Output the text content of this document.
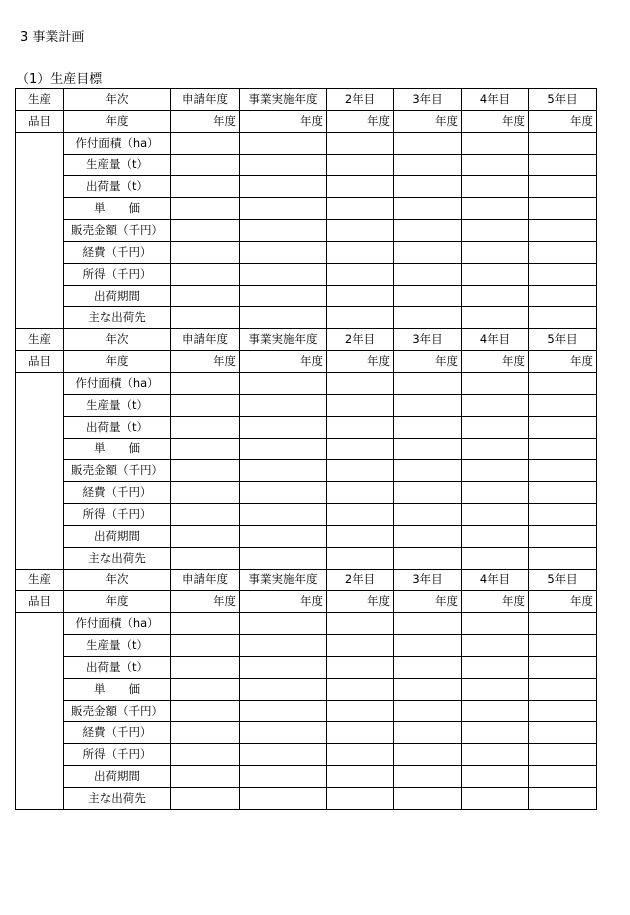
3 事業計画
（1）生産目標
生産	年次	申請年度	事業実施年度	2年目	3年目	4年目	5年目
品目	年度	年度	年度	年度	年度	年度	年度
	作付面積（ha）						
	生産量（t）						
	出荷量（t）						
	単　　価						
	販売金額（千円）						
	経費（千円）						
	所得（千円）						
	出荷期間						
	主な出荷先						
生産	年次	申請年度	事業実施年度	2年目	3年目	4年目	5年目
品目	年度	年度	年度	年度	年度	年度	年度
	作付面積（ha）						
	生産量（t）						
	出荷量（t）						
	単　　価						
	販売金額（千円）						
	経費（千円）						
	所得（千円）						
	出荷期間						
	主な出荷先						
生産	年次	申請年度	事業実施年度	2年目	3年目	4年目	5年目
品目	年度	年度	年度	年度	年度	年度	年度
	作付面積（ha）						
	生産量（t）						
	出荷量（t）						
	単　　価						
	販売金額（千円）						
	経費（千円）						
	所得（千円）						
	出荷期間						
	主な出荷先						
